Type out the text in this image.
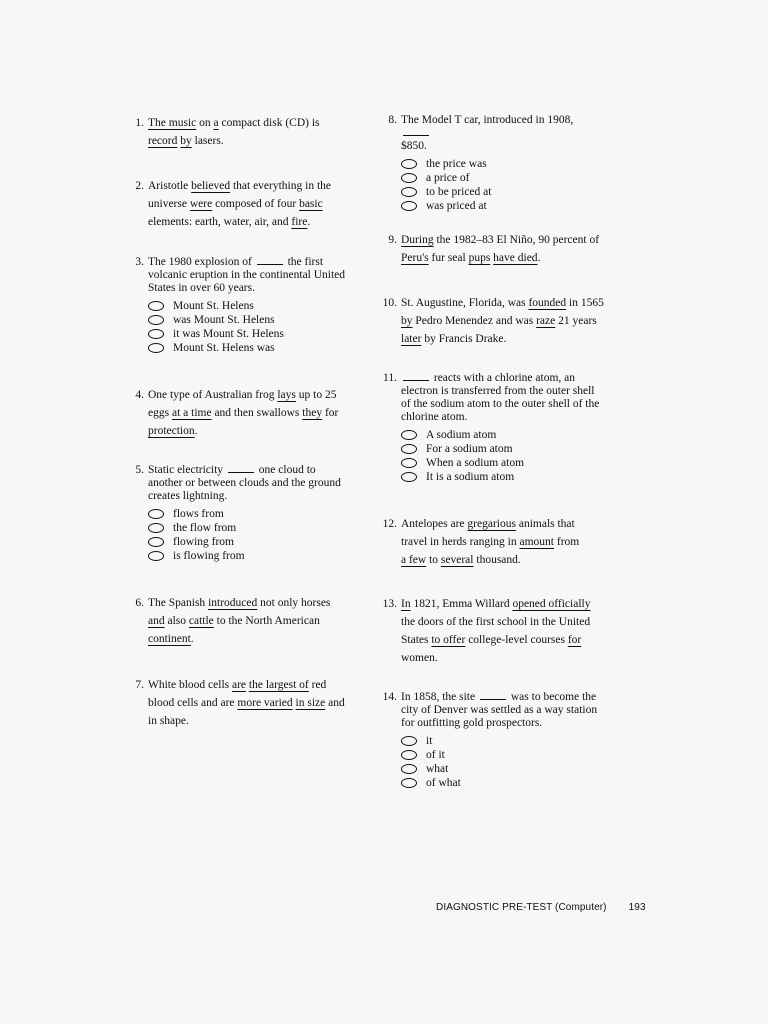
1. The music on a compact disk (CD) is

record by lasers.

2. Aristotle believed that everything in the

universe were composed of four basic

elements: earth, water, air, and fire.

3. The 1980 explosion of	the first

volcanic eruption in the continental United

States in over 60 years.

Mount St. Helens
was Mount St. Helens
it was Mount St. Helens
Mount St. Helens was
4. One type of Australian frog lays up to 25

eggs at a time and then swallows they for

protection.

5. Static electricity	one cloud to

another or between clouds and the ground

creates lightning.

flows from
the flow from
flowing from
is flowing from
6. The Spanish introduced not only horses

and also cattle to the North American

continent.

7. White blood cells are the largest of red

blood cells and are more varied in size and

in shape.

8. The Model T car, introduced in 1908,

$850.

the price was
a price of
to be priced at
was priced at
9. During the 1982–83 El Niño, 90 percent of

Peru's fur seal pups have died.

10. St. Augustine, Florida, was founded in 1565

by Pedro Menendez and was raze 21 years

later by Francis Drake.

11.	reacts with a chlorine atom, an

electron is transferred from the outer shell

of the sodium atom to the outer shell of the

chlorine atom.

A sodium atom
For a sodium atom
When a sodium atom
It is a sodium atom
12. Antelopes are gregarious animals that

travel in herds ranging in amount from

a few to several thousand.

13. In 1821, Emma Willard opened officially

the doors of the first school in the United

States to offer college-level courses for

women.

14. In 1858, the site	was to become the

city of Denver was settled as a way station

for outfitting gold prospectors.

it
of it
what
of what
DIAGNOSTIC PRE-TEST (Computer) 193
